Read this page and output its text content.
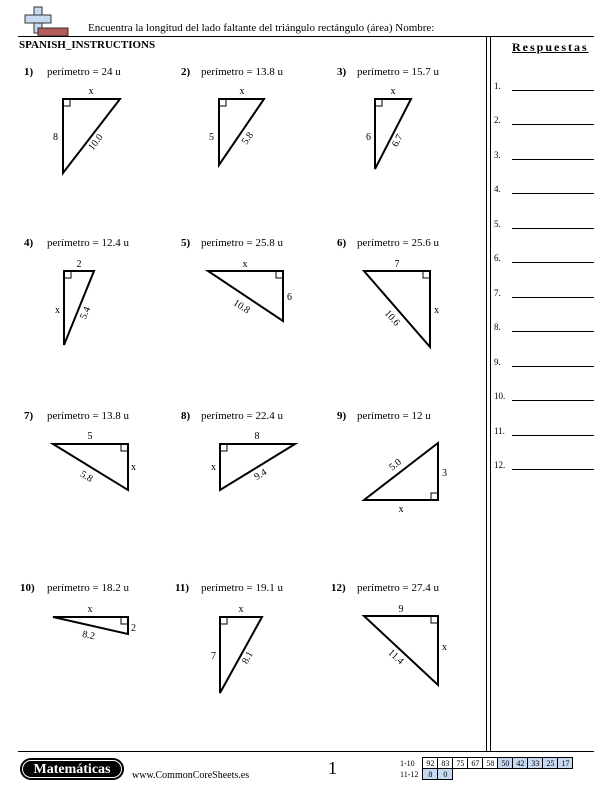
Encuentra la longitud del lado faltante del triángulo rectángulo (área) Nombre:
SPANISH_INSTRUCTIONS	Respuestas
1.
2.
3.
4.
5.
6.
7.
8.
9.
10.
11.
12.
1) perímetro = 24 u
x
8	10.0
2) perímetro = 13.8 u
x
5	5.8
3) perímetro = 15.7 u
x
6 6.7
4) perímetro = 12.4 u
2
x 5.4
5) perímetro = 25.8 u
x
6
10.8
6) perímetro = 25.6 u
7
x
10.6
7) perímetro = 13.8 u
5
x
5.8
8) perímetro = 22.4 u
8
x	9.4
9) perímetro = 12 u
3
x
5.0
10) perímetro = 18.2 u
x
2
8.2
11) perímetro = 19.1 u
x
7 8.1
12) perímetro = 27.4 u
9
x
11.4
Matemáticas	www.CommonCoreSheets.es	1	1-10	92	83	75	67	58	50	42	33	25	17
11-12	8	0								
